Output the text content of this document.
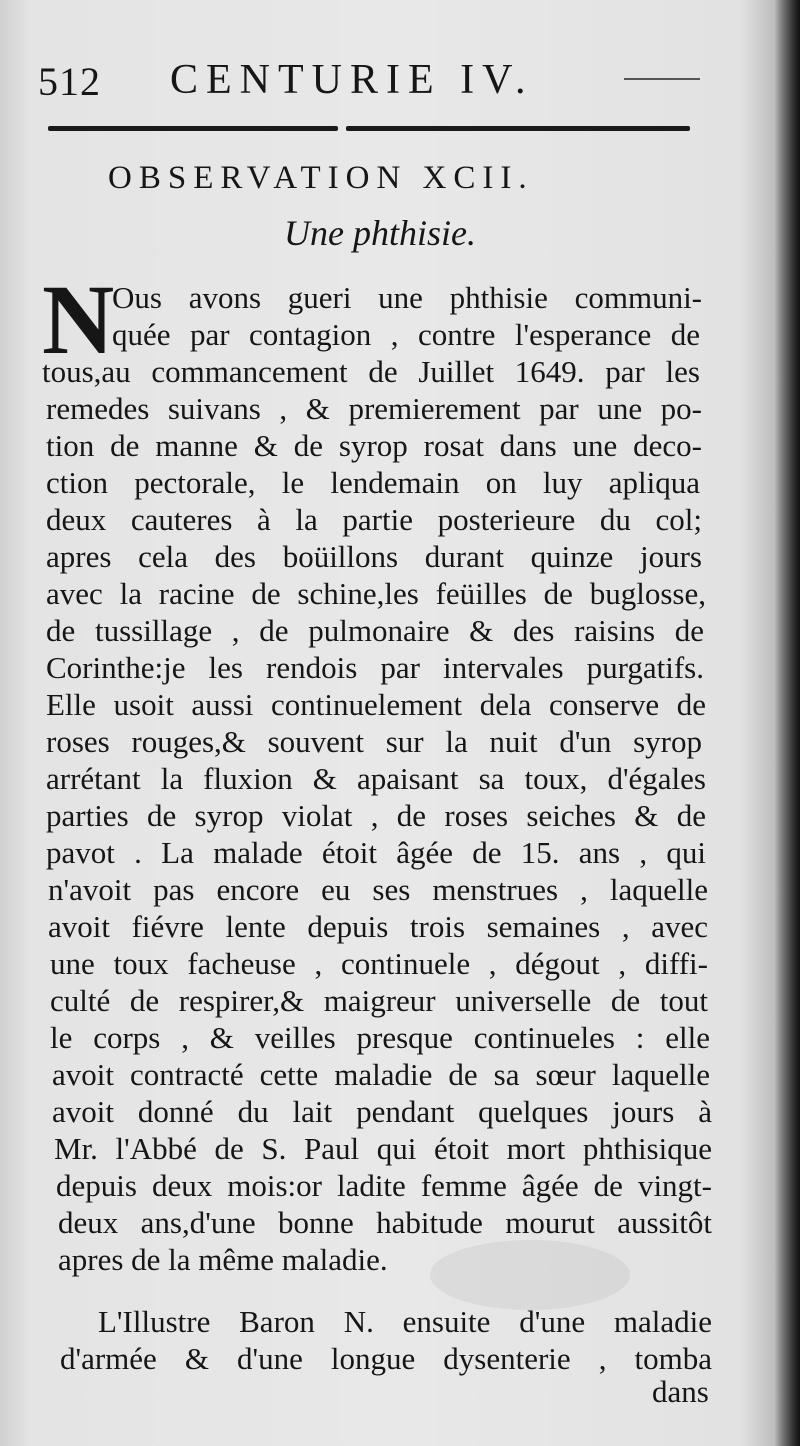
512 CENTURIE IV.
OBSERVATION XCII.
Une phthisie.
N
Ous avons gueri une phthisie communi-
quée par contagion , contre l'esperance de
tous,au commancement de Juillet 1649. par les
remedes suivans , & premierement par une po-
tion de manne & de syrop rosat dans une deco-
ction pectorale, le lendemain on luy apliqua
deux cauteres à la partie posterieure du col;
apres cela des boüillons durant quinze jours
avec la racine de schine,les feüilles de buglosse,
de tussillage , de pulmonaire & des raisins de
Corinthe:je les rendois par intervales purgatifs.
Elle usoit aussi continuelement dela conserve de
roses rouges,& souvent sur la nuit d'un syrop
arrétant la fluxion & apaisant sa toux, d'égales
parties de syrop violat , de roses seiches & de
pavot . La malade étoit âgée de 15. ans , qui
n'avoit pas encore eu ses menstrues , laquelle
avoit fiévre lente depuis trois semaines , avec
une toux facheuse , continuele , dégout , diffi-
culté de respirer,& maigreur universelle de tout
le corps , & veilles presque continueles : elle
avoit contracté cette maladie de sa sœur laquelle
avoit donné du lait pendant quelques jours à
Mr. l'Abbé de S. Paul qui étoit mort phthisique
depuis deux mois:or ladite femme âgée de vingt-
deux ans,d'une bonne habitude mourut aussitôt
apres de la même maladie.
L'Illustre Baron N. ensuite d'une maladie
d'armée & d'une longue dysenterie , tomba
dans
